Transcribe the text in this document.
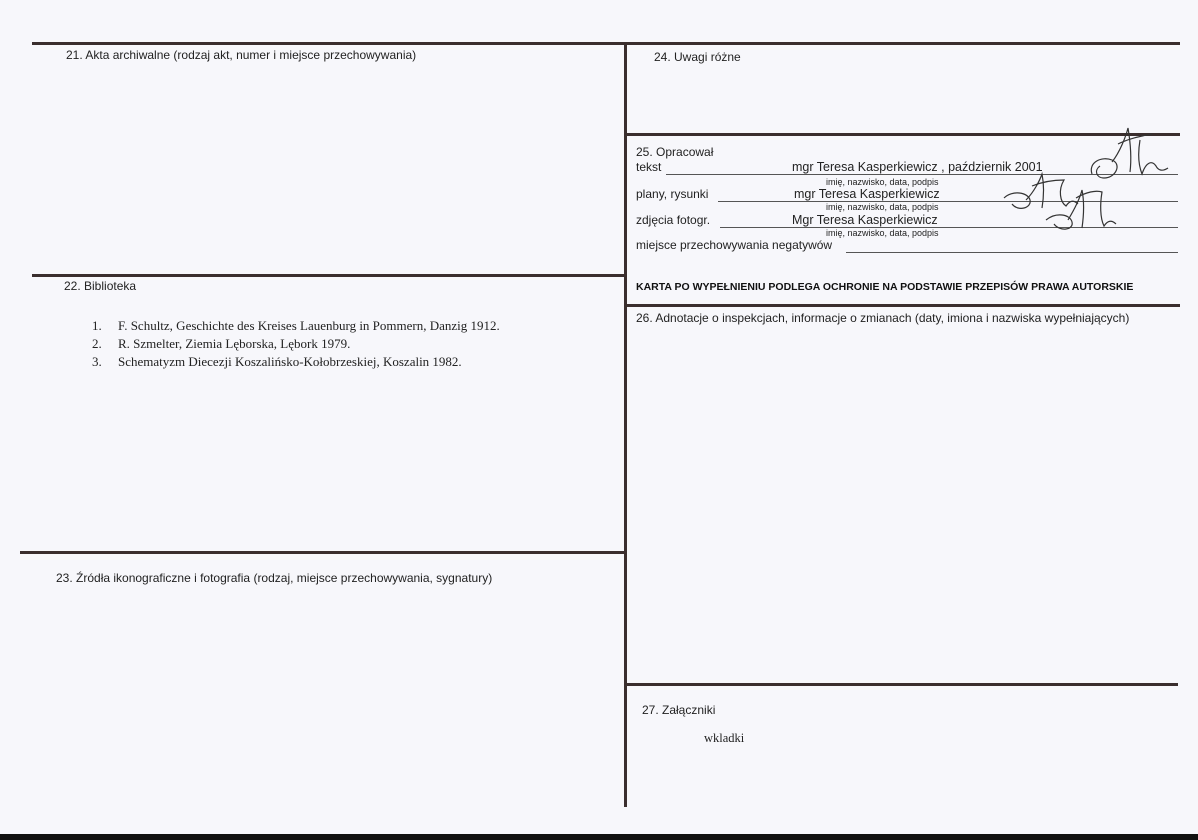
21. Akta archiwalne (rodzaj akt, numer i miejsce przechowywania)
22. Biblioteka
1. F. Schultz, Geschichte des Kreises Lauenburg in Pommern, Danzig 1912.
2. R. Szmelter, Ziemia Lęborska, Lębork 1979.
3. Schematyzm Diecezji Koszalińsko-Kołobrzeskiej, Koszalin 1982.
23. Źródła ikonograficzne i fotografia (rodzaj, miejsce przechowywania, sygnatury)
24. Uwagi różne
25. Opracował
tekst	mgr Teresa Kasperkiewicz , październik 2001
imię, nazwisko, data, podpis
plany, rysunki	mgr Teresa Kasperkiewicz
imię, nazwisko, data, podpis
zdjęcia fotogr.	Mgr Teresa Kasperkiewicz
imię, nazwisko, data, podpis
miejsce przechowywania negatywów
KARTA PO WYPEŁNIENIU PODLEGA OCHRONIE NA PODSTAWIE PRZEPISÓW PRAWA AUTORSKIE
26. Adnotacje o inspekcjach, informacje o zmianach (daty, imiona i nazwiska wypełniających)
27. Załączniki
wkladki
